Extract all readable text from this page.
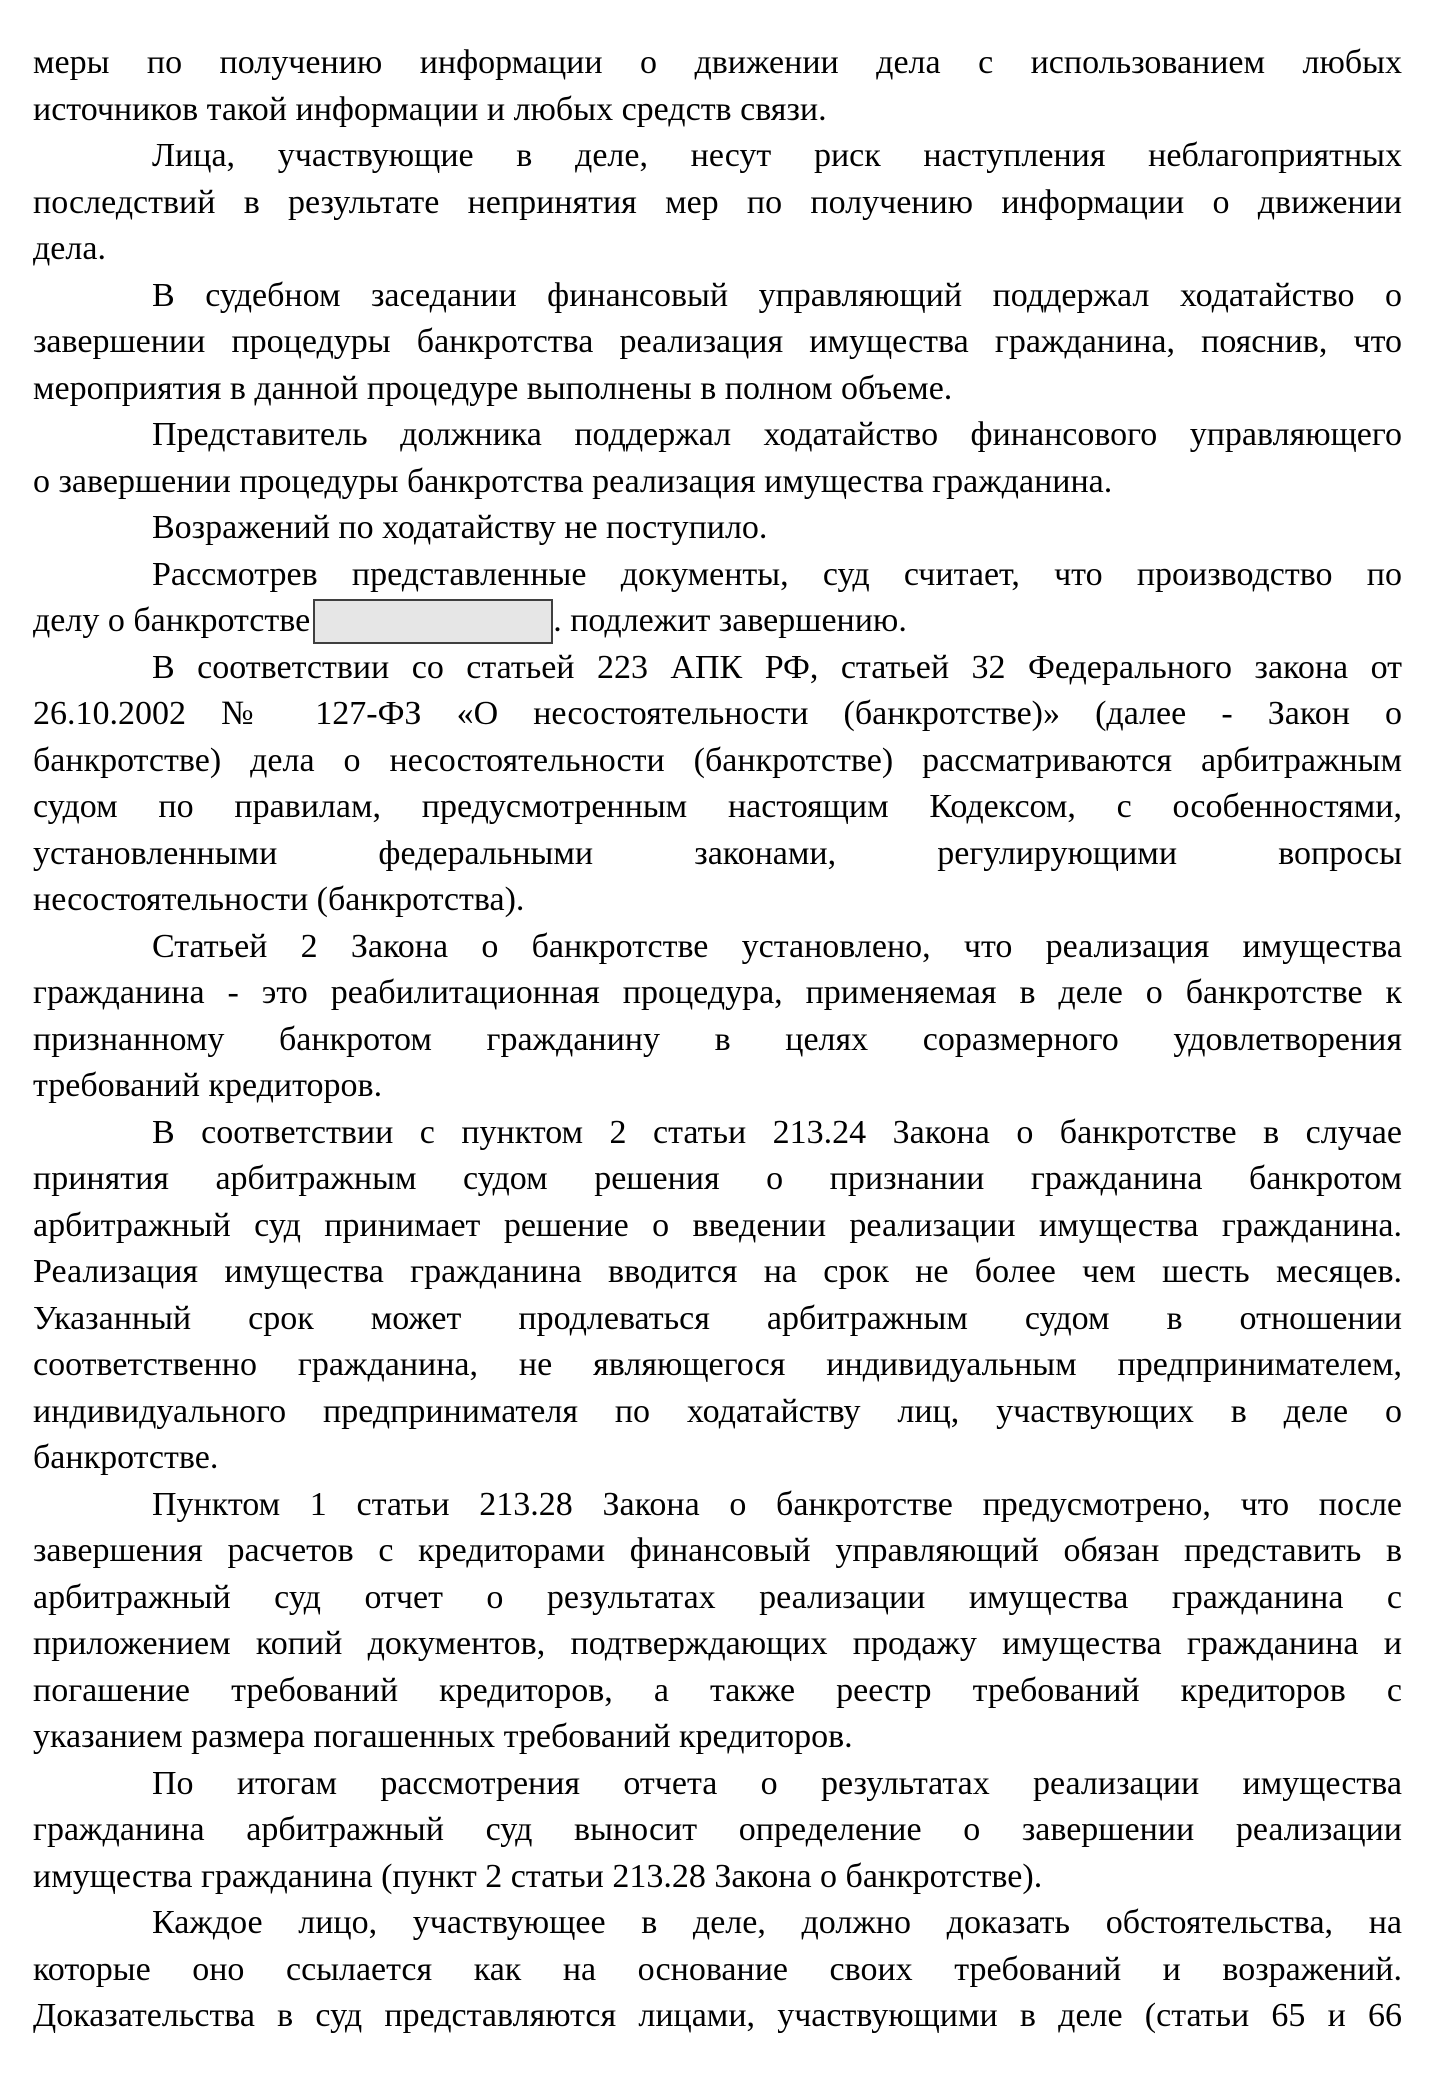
меры по получению информации о движении дела с использованием любых
источников такой информации и любых средств связи.
Лица, участвующие в деле, несут риск наступления неблагоприятных
последствий в результате непринятия мер по получению информации о движении
дела.
В судебном заседании финансовый управляющий поддержал ходатайство о
завершении процедуры банкротства реализация имущества гражданина, пояснив, что
мероприятия в данной процедуре выполнены в полном объеме.
Представитель должника поддержал ходатайство финансового управляющего
о завершении процедуры банкротства реализация имущества гражданина.
Возражений по ходатайству не поступило.
Рассмотрев представленные документы, суд считает, что производство по
делу о банкротстве	. подлежит завершению.
В соответствии со статьей 223 АПК РФ, статьей 32 Федерального закона от
26.10.2002 № 127-ФЗ «О несостоятельности (банкротстве)» (далее - Закон о
банкротстве) дела о несостоятельности (банкротстве) рассматриваются арбитражным
судом по правилам, предусмотренным настоящим Кодексом, с особенностями,
установленными федеральными законами, регулирующими вопросы
несостоятельности (банкротства).
Статьей 2 Закона о банкротстве установлено, что реализация имущества
гражданина - это реабилитационная процедура, применяемая в деле о банкротстве к
признанному банкротом гражданину в целях соразмерного удовлетворения
требований кредиторов.
В соответствии с пунктом 2 статьи 213.24 Закона о банкротстве в случае
принятия арбитражным судом решения о признании гражданина банкротом
арбитражный суд принимает решение о введении реализации имущества гражданина.
Реализация имущества гражданина вводится на срок не более чем шесть месяцев.
Указанный срок может продлеваться арбитражным судом в отношении
соответственно гражданина, не являющегося индивидуальным предпринимателем,
индивидуального предпринимателя по ходатайству лиц, участвующих в деле о
банкротстве.
Пунктом 1 статьи 213.28 Закона о банкротстве предусмотрено, что после
завершения расчетов с кредиторами финансовый управляющий обязан представить в
арбитражный суд отчет о результатах реализации имущества гражданина с
приложением копий документов, подтверждающих продажу имущества гражданина и
погашение требований кредиторов, а также реестр требований кредиторов с
указанием размера погашенных требований кредиторов.
По итогам рассмотрения отчета о результатах реализации имущества
гражданина арбитражный суд выносит определение о завершении реализации
имущества гражданина (пункт 2 статьи 213.28 Закона о банкротстве).
Каждое лицо, участвующее в деле, должно доказать обстоятельства, на
которые оно ссылается как на основание своих требований и возражений.
Доказательства в суд представляются лицами, участвующими в деле (статьи 65 и 66
